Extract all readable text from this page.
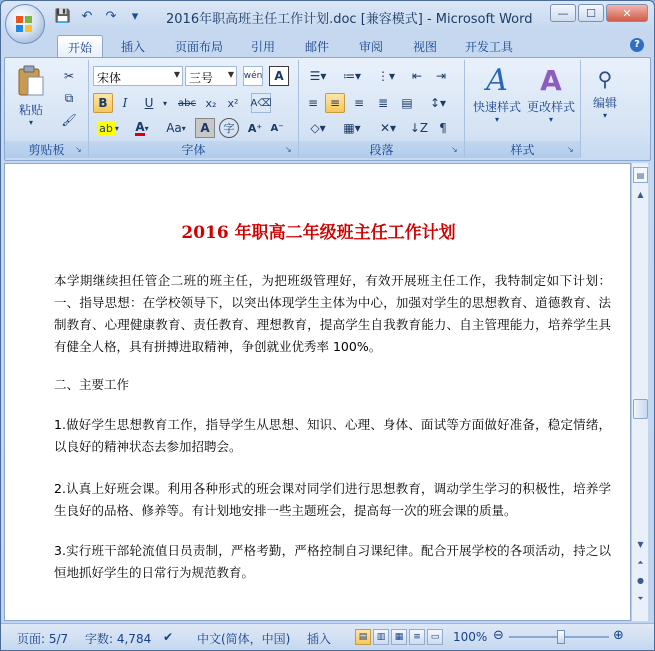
💾 ↶	↷	▾	2016年职高班主任工作计划.doc [兼容模式] - Microsoft Word	—	☐	✕
开始	插入	页面布局	引用	邮件	审阅	视图	开发工具	?
粘贴
▾
✂
⧉
🖌
剪贴板	↘
宋体	▼ 三号 ▼ wén	A
B	I	U	▾	abc x₂	x²	A⌫
ab ▾ A ▾ Aa ▾	A	字	A⁺ A⁻
字体	↘
☰▾	≔▾	⋮▾	⇤	⇥
≡ ≡	≡	≣	▤	↕▾
◇▾	▦▾	✕▾	↓Z ¶
段落	↘
A
快速样式
▾
A
更改样式
▾
样式	↘
⚲
编辑
▾
2016 年职高二年级班主任工作计划
本学期继续担任管企二班的班主任，为把班级管理好，有效开展班主任工作，我特制定如下计划：一、指导思想：在学校领导下，以突出体现学生主体为中心，加强对学生的思想教育、道德教育、法制教育、心理健康教育、责任教育、理想教育，提高学生自我教育能力、自主管理能力，培养学生具有健全人格，具有拼搏进取精神，争创就业优秀率 100%。
二、主要工作
1.做好学生思想教育工作，指导学生从思想、知识、心理、身体、面试等方面做好准备，稳定情绪，以良好的精神状态去参加招聘会。
2.认真上好班会课。利用各种形式的班会课对同学们进行思想教育，调动学生学习的积极性，培养学生良好的品格、修养等。有计划地安排一些主题班会，提高每一次的班会课的质量。
3.实行班干部轮流值日员责制，严格考勤，严格控制自习课纪律。配合开展学校的各项活动，持之以恒地抓好学生的日常行为规范教育。
▤
▲
▼
⏶
●
⏷
页面: 5/7 字数: 4,784 ✔ 中文(简体，中国) 插入	▤	▥	▦	≡	▭	100% ⊖	⊕
